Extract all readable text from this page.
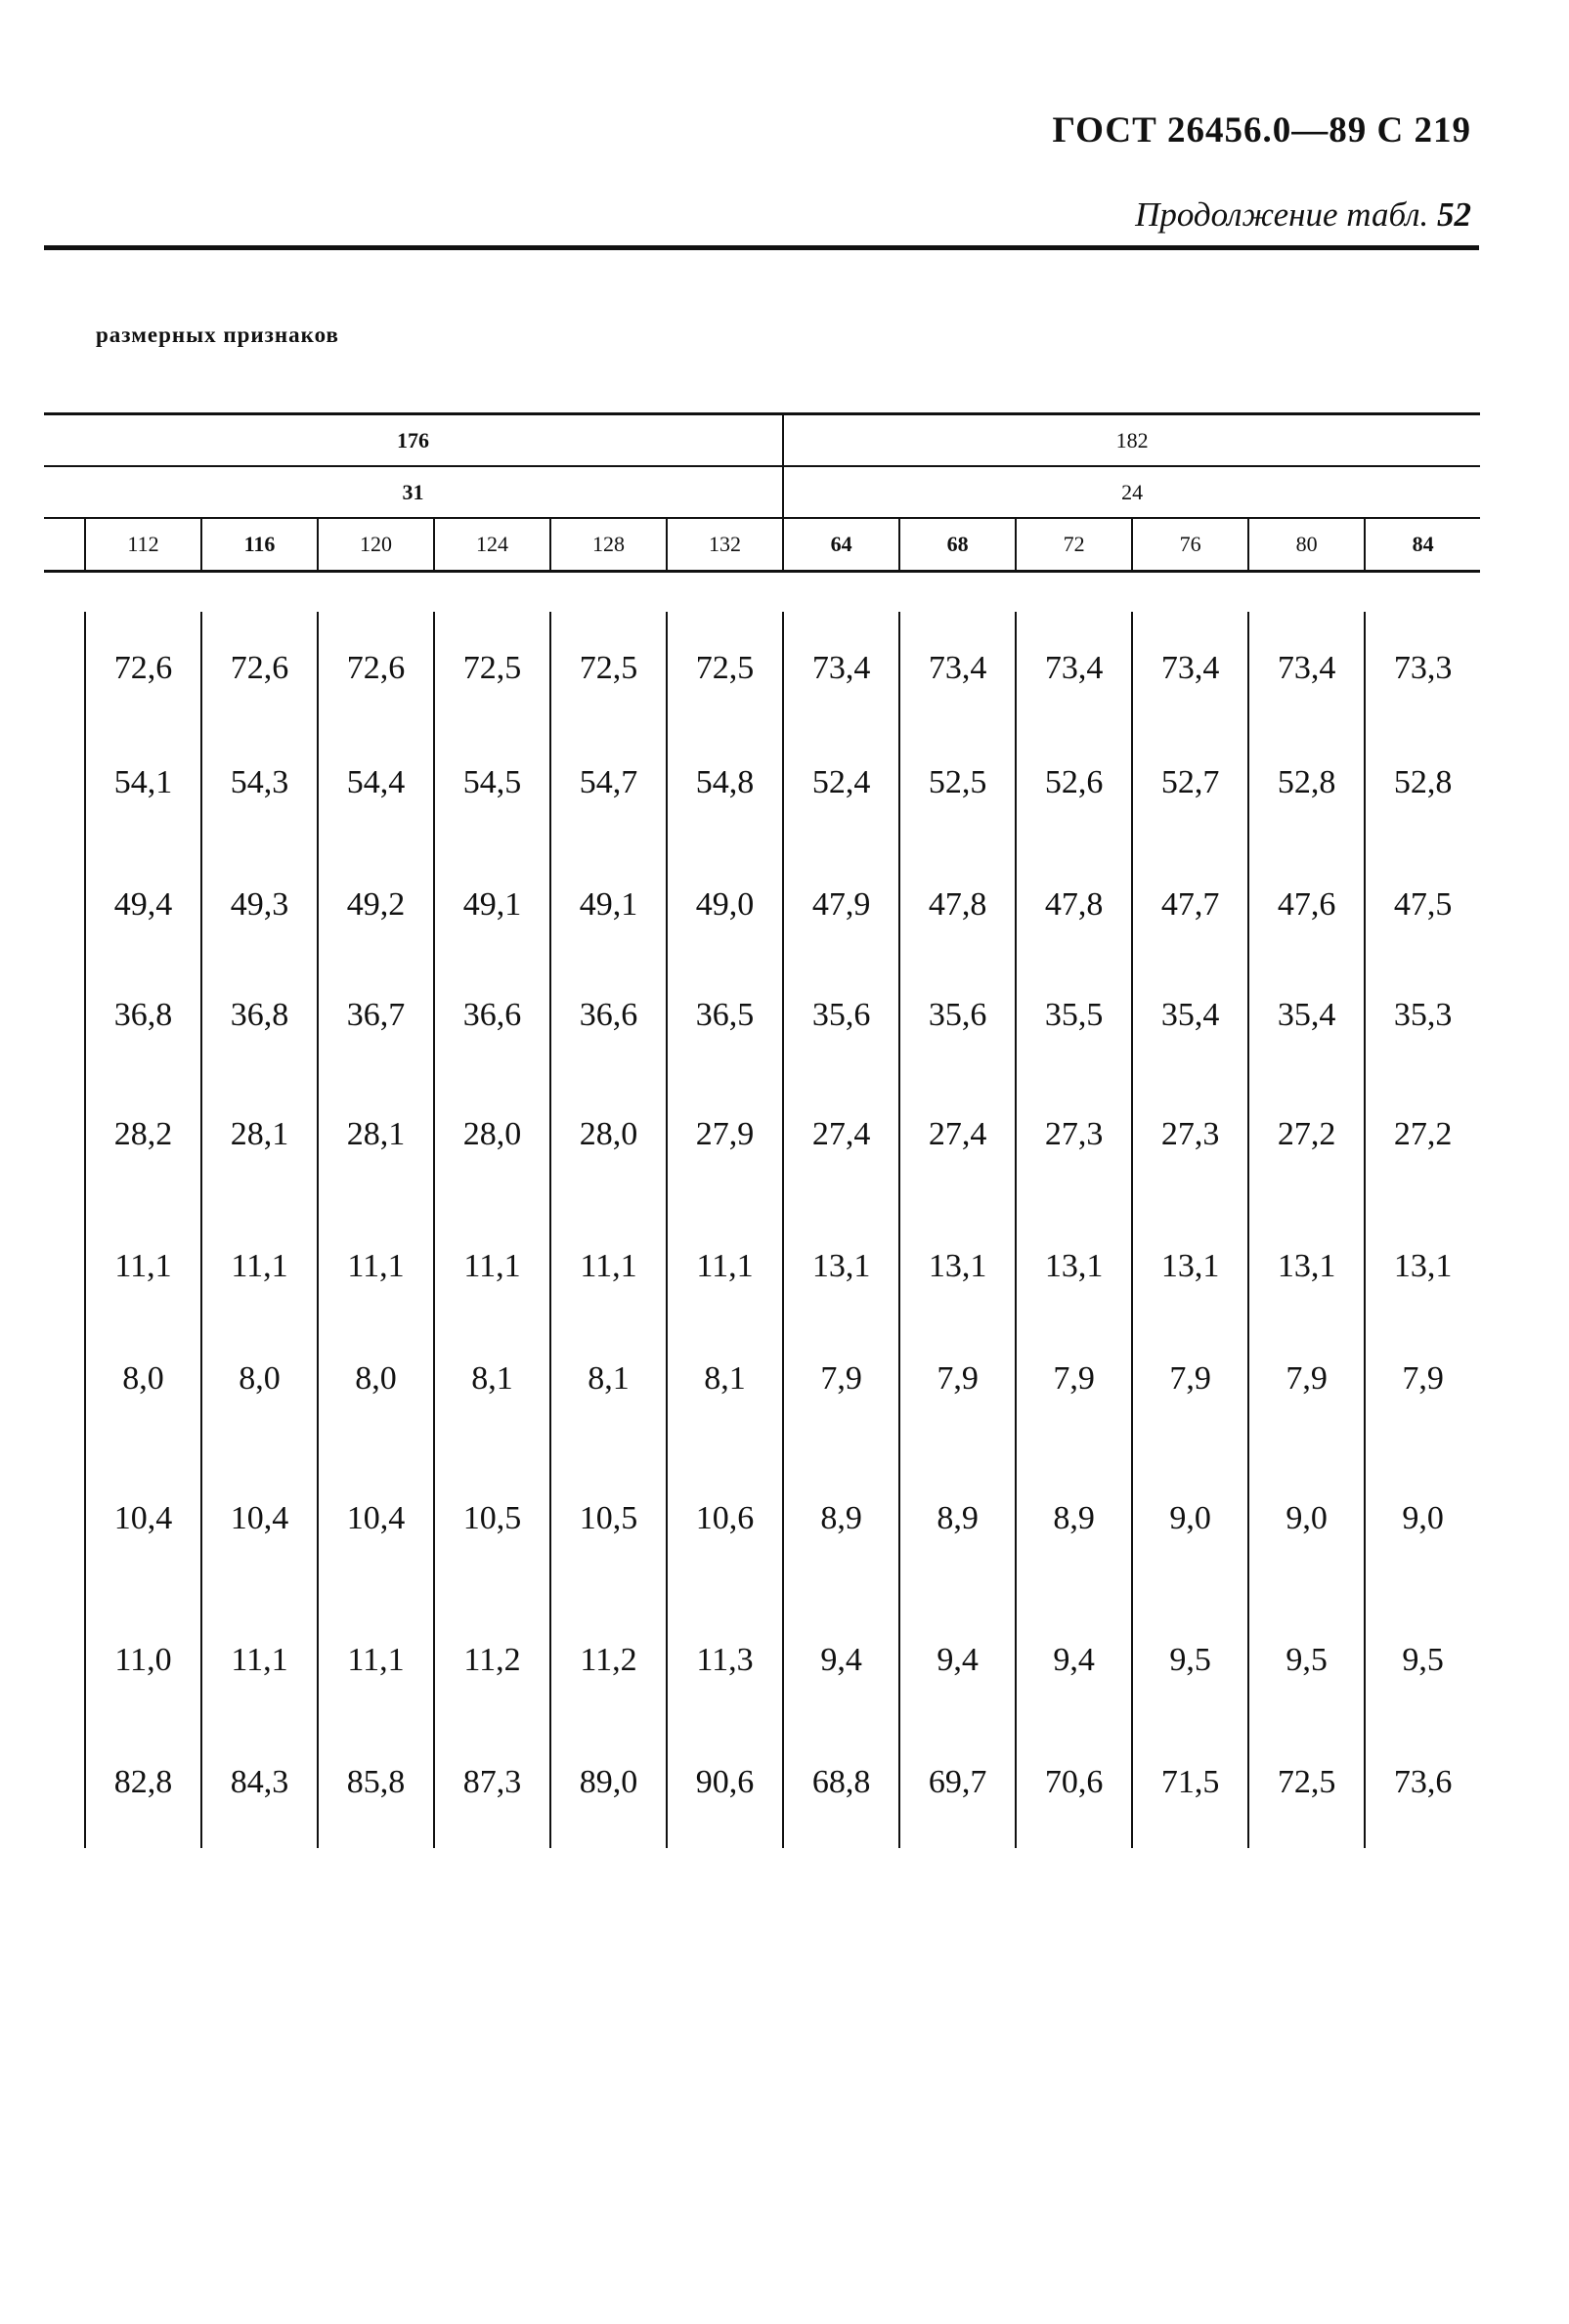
ГОСТ 26456.0—89 С 219
Продолжение табл. 52
размерных признаков
176							182					
31							24					
	112	116	120	124	128	132	64	68	72	76	80	84

	72,6	72,6	72,6	72,5	72,5	72,5	73,4	73,4	73,4	73,4	73,4	73,3
	54,1	54,3	54,4	54,5	54,7	54,8	52,4	52,5	52,6	52,7	52,8	52,8
	49,4	49,3	49,2	49,1	49,1	49,0	47,9	47,8	47,8	47,7	47,6	47,5
	36,8	36,8	36,7	36,6	36,6	36,5	35,6	35,6	35,5	35,4	35,4	35,3
	28,2	28,1	28,1	28,0	28,0	27,9	27,4	27,4	27,3	27,3	27,2	27,2
	11,1	11,1	11,1	11,1	11,1	11,1	13,1	13,1	13,1	13,1	13,1	13,1
	8,0	8,0	8,0	8,1	8,1	8,1	7,9	7,9	7,9	7,9	7,9	7,9
	10,4	10,4	10,4	10,5	10,5	10,6	8,9	8,9	8,9	9,0	9,0	9,0
	11,0	11,1	11,1	11,2	11,2	11,3	9,4	9,4	9,4	9,5	9,5	9,5
	82,8	84,3	85,8	87,3	89,0	90,6	68,8	69,7	70,6	71,5	72,5	73,6
